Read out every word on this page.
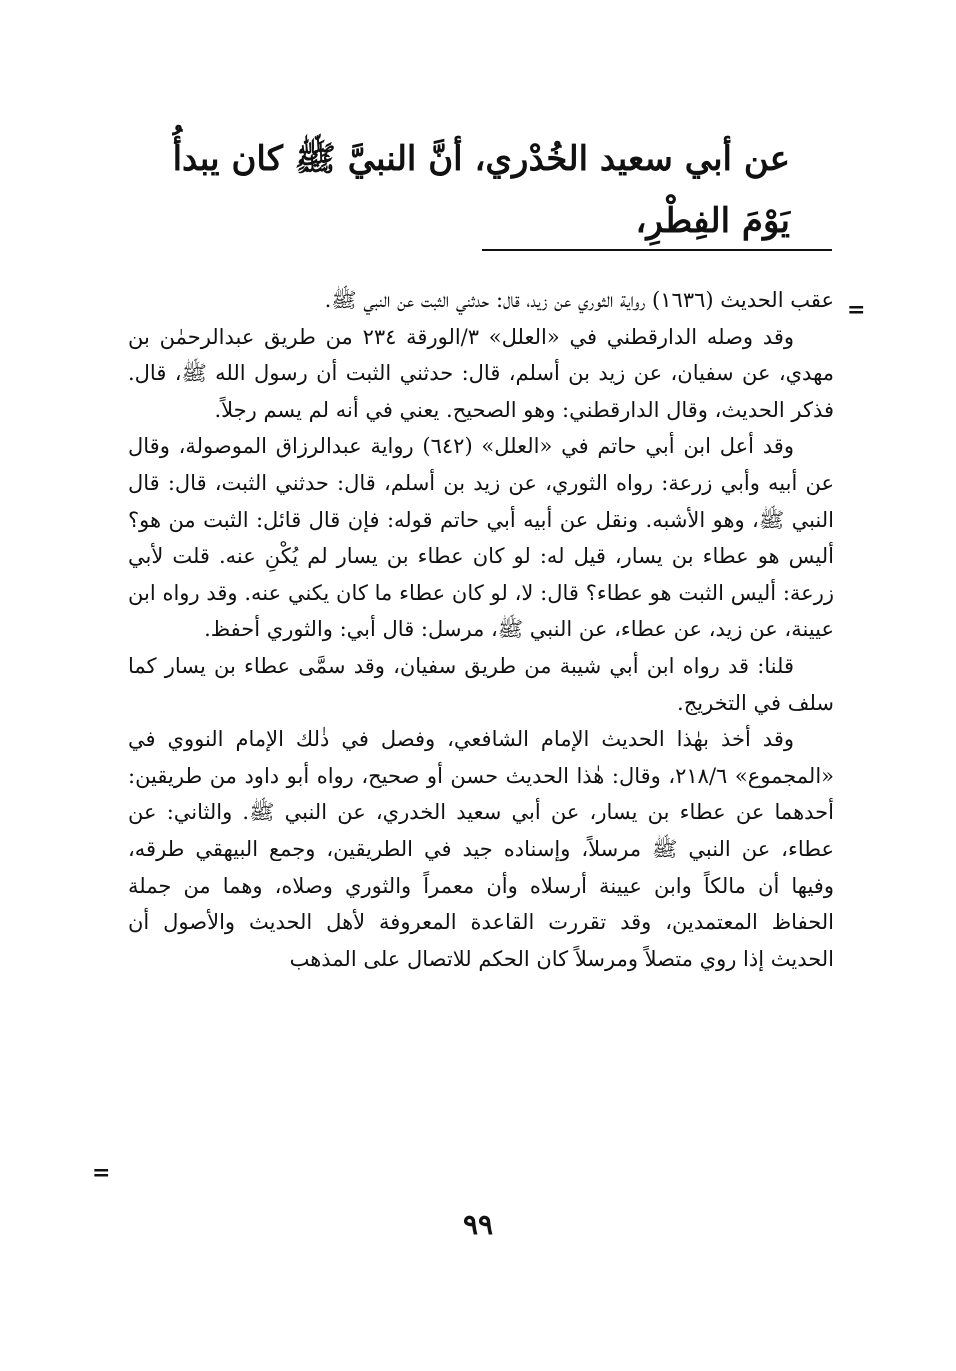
عن أبي سعيد الخُدْري، أنَّ النبيَّ ﷺ كان يبدأُ يَوْمَ الفِطْرِ،
=

عقب الحديث (١٦٣٦) رواية الثوري عن زيد، قال: حدثني الثبت عن النبي ﷺ.

وقد وصله الدارقطني في «العلل» ٣/الورقة ٢٣٤ من طريق عبدالرحمٰن بن مهدي، عن سفيان، عن زيد بن أسلم، قال: حدثني الثبت أن رسول الله ﷺ، قال. فذكر الحديث، وقال الدارقطني: وهو الصحيح. يعني في أنه لم يسم رجلاً.

وقد أعل ابن أبي حاتم في «العلل» (٦٤٢) رواية عبدالرزاق الموصولة، وقال عن أبيه وأبي زرعة: رواه الثوري، عن زيد بن أسلم، قال: حدثني الثبت، قال: قال النبي ﷺ، وهو الأشبه. ونقل عن أبيه أبي حاتم قوله: فإن قال قائل: الثبت من هو؟ أليس هو عطاء بن يسار، قيل له: لو كان عطاء بن يسار لم يُكْنِ عنه. قلت لأبي زرعة: أليس الثبت هو عطاء؟ قال: لا، لو كان عطاء ما كان يكني عنه. وقد رواه ابن عيينة، عن زيد، عن عطاء، عن النبي ﷺ، مرسل: قال أبي: والثوري أحفظ.

قلنا: قد رواه ابن أبي شيبة من طريق سفيان، وقد سمَّى عطاء بن يسار كما سلف في التخريج.

وقد أخذ بهٰذا الحديث الإمام الشافعي، وفصل في ذٰلك الإمام النووي في «المجموع» ٢١٨/٦، وقال: هٰذا الحديث حسن أو صحيح، رواه أبو داود من طريقين: أحدهما عن عطاء بن يسار، عن أبي سعيد الخدري، عن النبي ﷺ. والثاني: عن عطاء، عن النبي ﷺ مرسلاً، وإسناده جيد في الطريقين، وجمع البيهقي طرقه، وفيها أن مالكاً وابن عيينة أرسلاه وأن معمراً والثوري وصلاه، وهما من جملة الحفاظ المعتمدين، وقد تقررت القاعدة المعروفة لأهل الحديث والأصول أن الحديث إذا روي متصلاً ومرسلاً كان الحكم للاتصال على المذهب

=
٩٩
